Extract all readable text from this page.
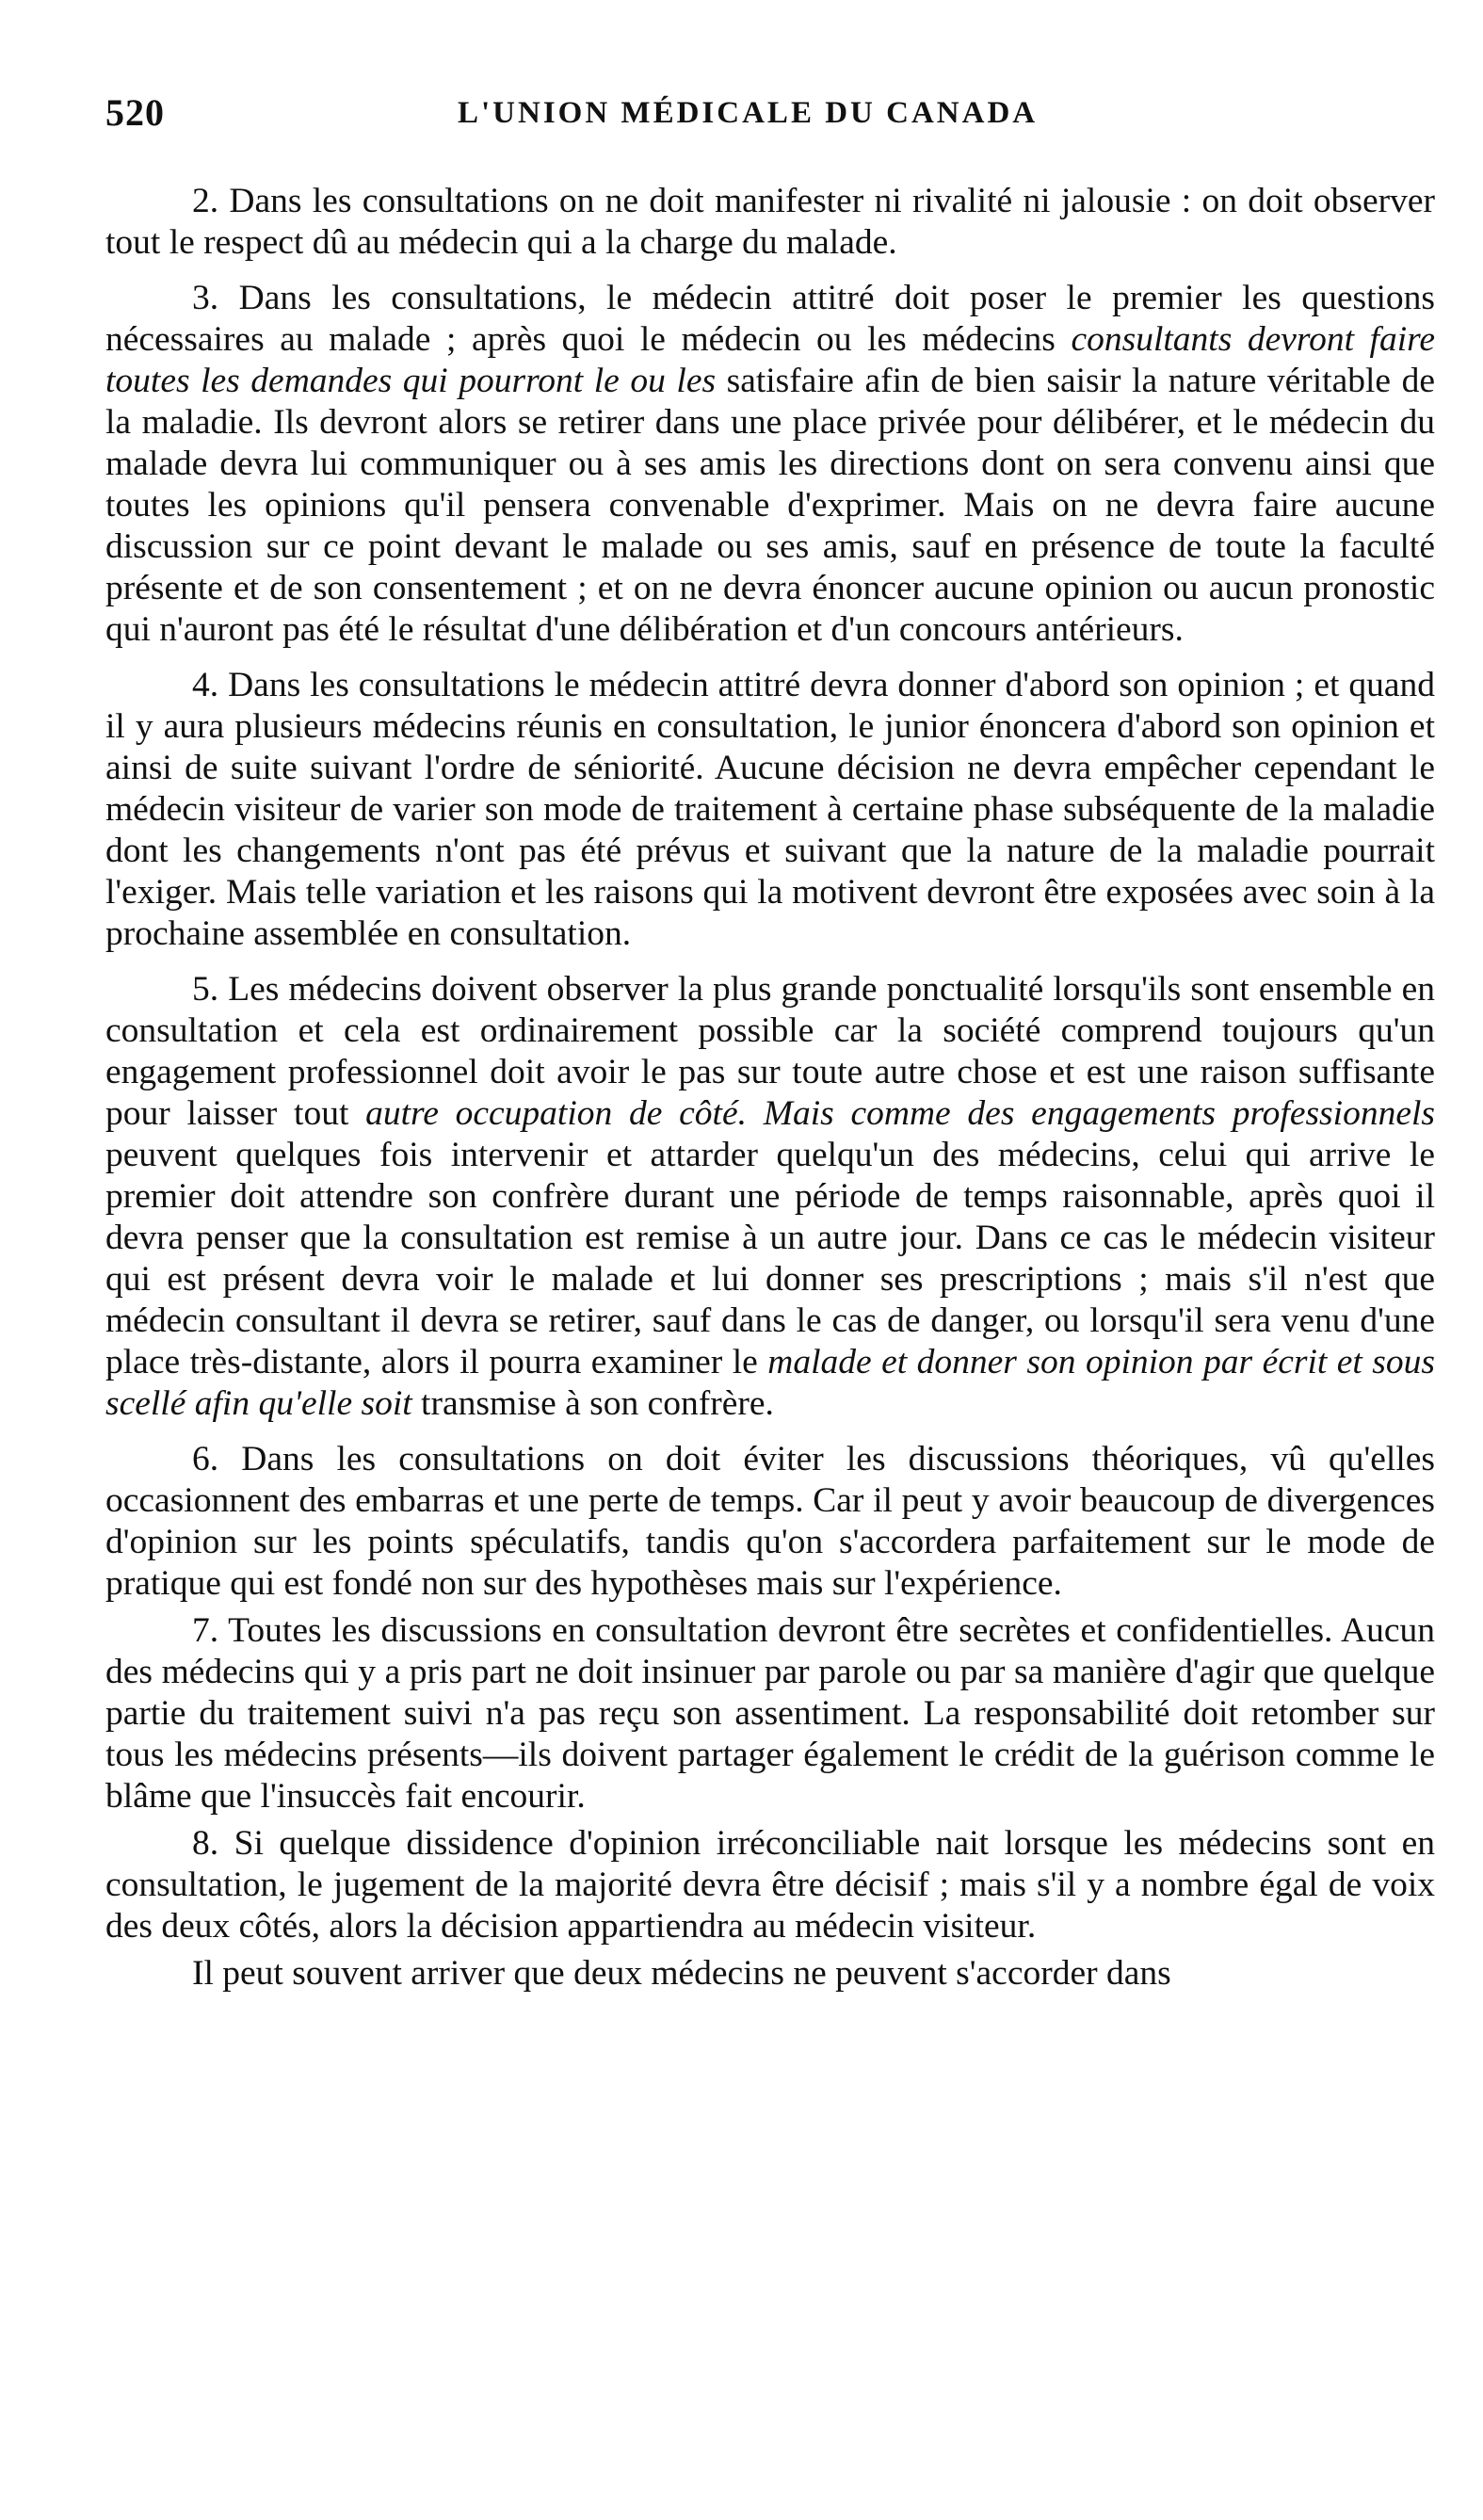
520	L'UNION MÉDICALE DU CANADA

2. Dans les consultations on ne doit manifester ni rivalité ni jalousie : on doit observer tout le respect dû au médecin qui a la charge du malade.

3. Dans les consultations, le médecin attitré doit poser le premier les questions nécessaires au malade ; après quoi le médecin ou les médecins consultants devront faire toutes les demandes qui pourront le ou les satisfaire afin de bien saisir la nature véritable de la maladie. Ils devront alors se retirer dans une place privée pour délibérer, et le médecin du malade devra lui communiquer ou à ses amis les directions dont on sera convenu ainsi que toutes les opinions qu'il pensera convenable d'exprimer. Mais on ne devra faire aucune discussion sur ce point devant le malade ou ses amis, sauf en présence de toute la faculté présente et de son consentement ; et on ne devra énoncer aucune opinion ou aucun pronostic qui n'auront pas été le résultat d'une délibération et d'un concours antérieurs.

4. Dans les consultations le médecin attitré devra donner d'abord son opinion ; et quand il y aura plusieurs médecins réunis en consultation, le junior énoncera d'abord son opinion et ainsi de suite suivant l'ordre de séniorité. Aucune décision ne devra empêcher cependant le médecin visiteur de varier son mode de traitement à certaine phase subséquente de la maladie dont les changements n'ont pas été prévus et suivant que la nature de la maladie pourrait l'exiger. Mais telle variation et les raisons qui la motivent devront être exposées avec soin à la prochaine assemblée en consultation.

5. Les médecins doivent observer la plus grande ponctualité lorsqu'ils sont ensemble en consultation et cela est ordinairement possible car la société comprend toujours qu'un engagement professionnel doit avoir le pas sur toute autre chose et est une raison suffisante pour laisser tout autre occupation de côté. Mais comme des engagements professionnels peuvent quelques fois intervenir et attarder quelqu'un des médecins, celui qui arrive le premier doit attendre son confrère durant une période de temps raisonnable, après quoi il devra penser que la consultation est remise à un autre jour. Dans ce cas le médecin visiteur qui est présent devra voir le malade et lui donner ses prescriptions ; mais s'il n'est que médecin consultant il devra se retirer, sauf dans le cas de danger, ou lorsqu'il sera venu d'une place très-distante, alors il pourra examiner le malade et donner son opinion par écrit et sous scellé afin qu'elle soit transmise à son confrère.

6. Dans les consultations on doit éviter les discussions théoriques, vû qu'elles occasionnent des embarras et une perte de temps. Car il peut y avoir beaucoup de divergences d'opinion sur les points spéculatifs, tandis qu'on s'accordera parfaitement sur le mode de pratique qui est fondé non sur des hypothèses mais sur l'expérience.

7. Toutes les discussions en consultation devront être secrètes et confidentielles. Aucun des médecins qui y a pris part ne doit insinuer par parole ou par sa manière d'agir que quelque partie du traitement suivi n'a pas reçu son assentiment. La responsabilité doit retomber sur tous les médecins présents—ils doivent partager également le crédit de la guérison comme le blâme que l'insuccès fait encourir.

8. Si quelque dissidence d'opinion irréconciliable nait lorsque les médecins sont en consultation, le jugement de la majorité devra être décisif ; mais s'il y a nombre égal de voix des deux côtés, alors la décision appartiendra au médecin visiteur.

Il peut souvent arriver que deux médecins ne peuvent s'accorder dans
